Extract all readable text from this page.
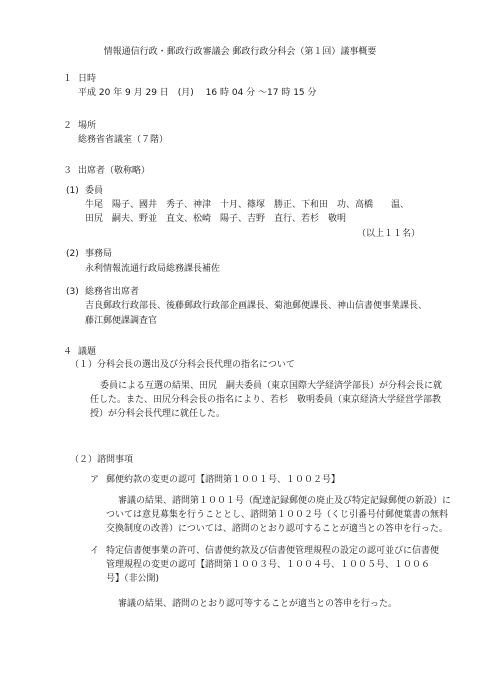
情報通信行政・郵政行政審議会 郵政行政分科会（第１回）議事概要
１ 日時
平成 20 年 9 月 29 日　(月)　 16 時 04 分 ～17 時 15 分
２ 場所
総務省省議室（７階）
３ 出席者（敬称略）
(1) 委員
牛尾　陽子、國井　秀子、神津　十月、篠塚　勝正、下和田　功、高橋　　温、
田尻　嗣夫、野並　直文、松崎　陽子、吉野　直行、若杉　敬明
（以上１１名）
(2) 事務局
永利情報流通行政局総務課長補佐
(3) 総務省出席者
吉良郵政行政部長、後藤郵政行政部企画課長、菊池郵便課長、神山信書便事業課長、
藤江郵便課調査官
４ 議題
（１）分科会長の選出及び分科会長代理の指名について
委員による互選の結果、田尻　嗣夫委員（東京国際大学経済学部長）が分科会長に就
任した。また、田尻分科会長の指名により、若杉　敬明委員（東京経済大学経営学部教
授）が分科会長代理に就任した。
（２）諮問事項
ア 郵便約款の変更の認可【諮問第１００１号、１００２号】
審議の結果、諮問第１００１号（配達記録郵便の廃止及び特定記録郵便の新設）に
ついては意見募集を行うこととし、諮問第１００２号（くじ引番号付郵便葉書の無料
交換制度の改善）については、諮問のとおり認可することが適当との答申を行った。
イ 特定信書便事業の許可、信書便約款及び信書便管理規程の設定の認可並びに信書便
管理規程の変更の認可【諮問第１００３号、１００４号、１００５号、１００６
号】（非公開)
審議の結果、諮問のとおり認可等することが適当との答申を行った。
